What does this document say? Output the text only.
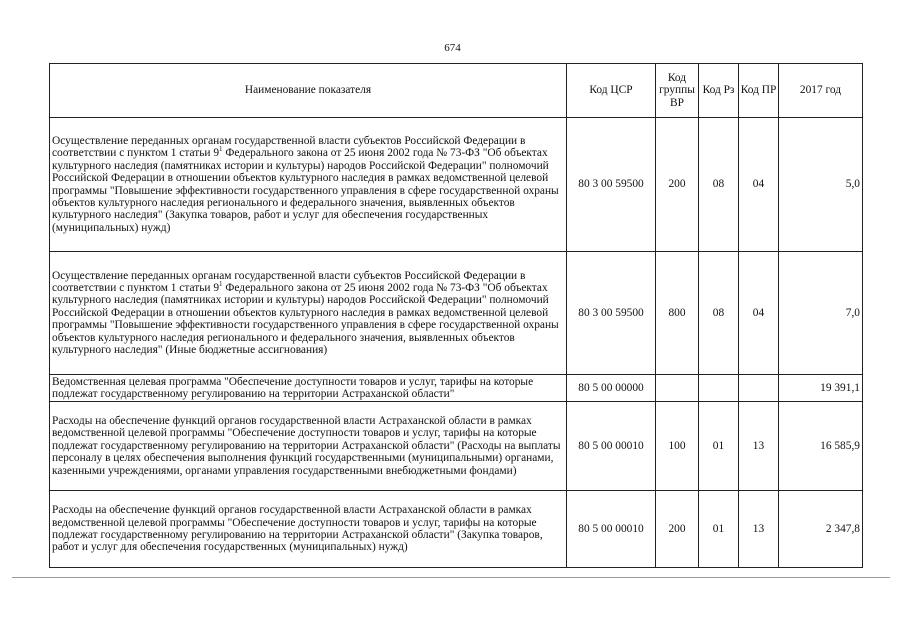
674
Наименование показателя	Код ЦСР	Код группы ВР	Код Рз	Код ПР	2017 год

Осуществление переданных органам государственной власти субъектов Российской Федерации в соответствии с пунктом 1 статьи $9^1$ Федерального закона от 25 июня 2002 года № 73-ФЗ "Об объектах культурного наследия (памятниках истории и культуры) народов Российской Федерации" полномочий Российской Федерации в отношении объектов культурного наследия в рамках ведомственной целевой программы "Повышение эффективности государственного управления в сфере государственной охраны объектов культурного наследия регионального и федерального значения, выявленных объектов культурного наследия" (Закупка товаров, работ и услуг для обеспечения государственных (муниципальных) нужд)	80 3 00 59500	200	08	04	5,0

Осуществление переданных органам государственной власти субъектов Российской Федерации в соответствии с пунктом 1 статьи $9^1$ Федерального закона от 25 июня 2002 года № 73-ФЗ "Об объектах культурного наследия (памятниках истории и культуры) народов Российской Федерации" полномочий Российской Федерации в отношении объектов культурного наследия в рамках ведомственной целевой программы "Повышение эффективности государственного управления в сфере государственной охраны объектов культурного наследия регионального и федерального значения, выявленных объектов культурного наследия" (Иные бюджетные ассигнования)	80 3 00 59500	800	08	04	7,0

Ведомственная целевая программа "Обеспечение доступности товаров и услуг, тарифы на которые подлежат государственному регулированию на территории Астраханской области"	80 5 00 00000				19 391,1

Расходы на обеспечение функций органов государственной власти Астраханской области в рамках ведомственной целевой программы "Обеспечение доступности товаров и услуг, тарифы на которые подлежат государственному регулированию на территории Астраханской области" (Расходы на выплаты персоналу в целях обеспечения выполнения функций государственными (муниципальными) органами, казенными учреждениями, органами управления государственными внебюджетными фондами)	80 5 00 00010	100	01	13	16 585,9

Расходы на обеспечение функций органов государственной власти Астраханской области в рамках ведомственной целевой программы "Обеспечение доступности товаров и услуг, тарифы на которые подлежат государственному регулированию на территории Астраханской области" (Закупка товаров, работ и услуг для обеспечения государственных (муниципальных) нужд)	80 5 00 00010	200	01	13	2 347,8
